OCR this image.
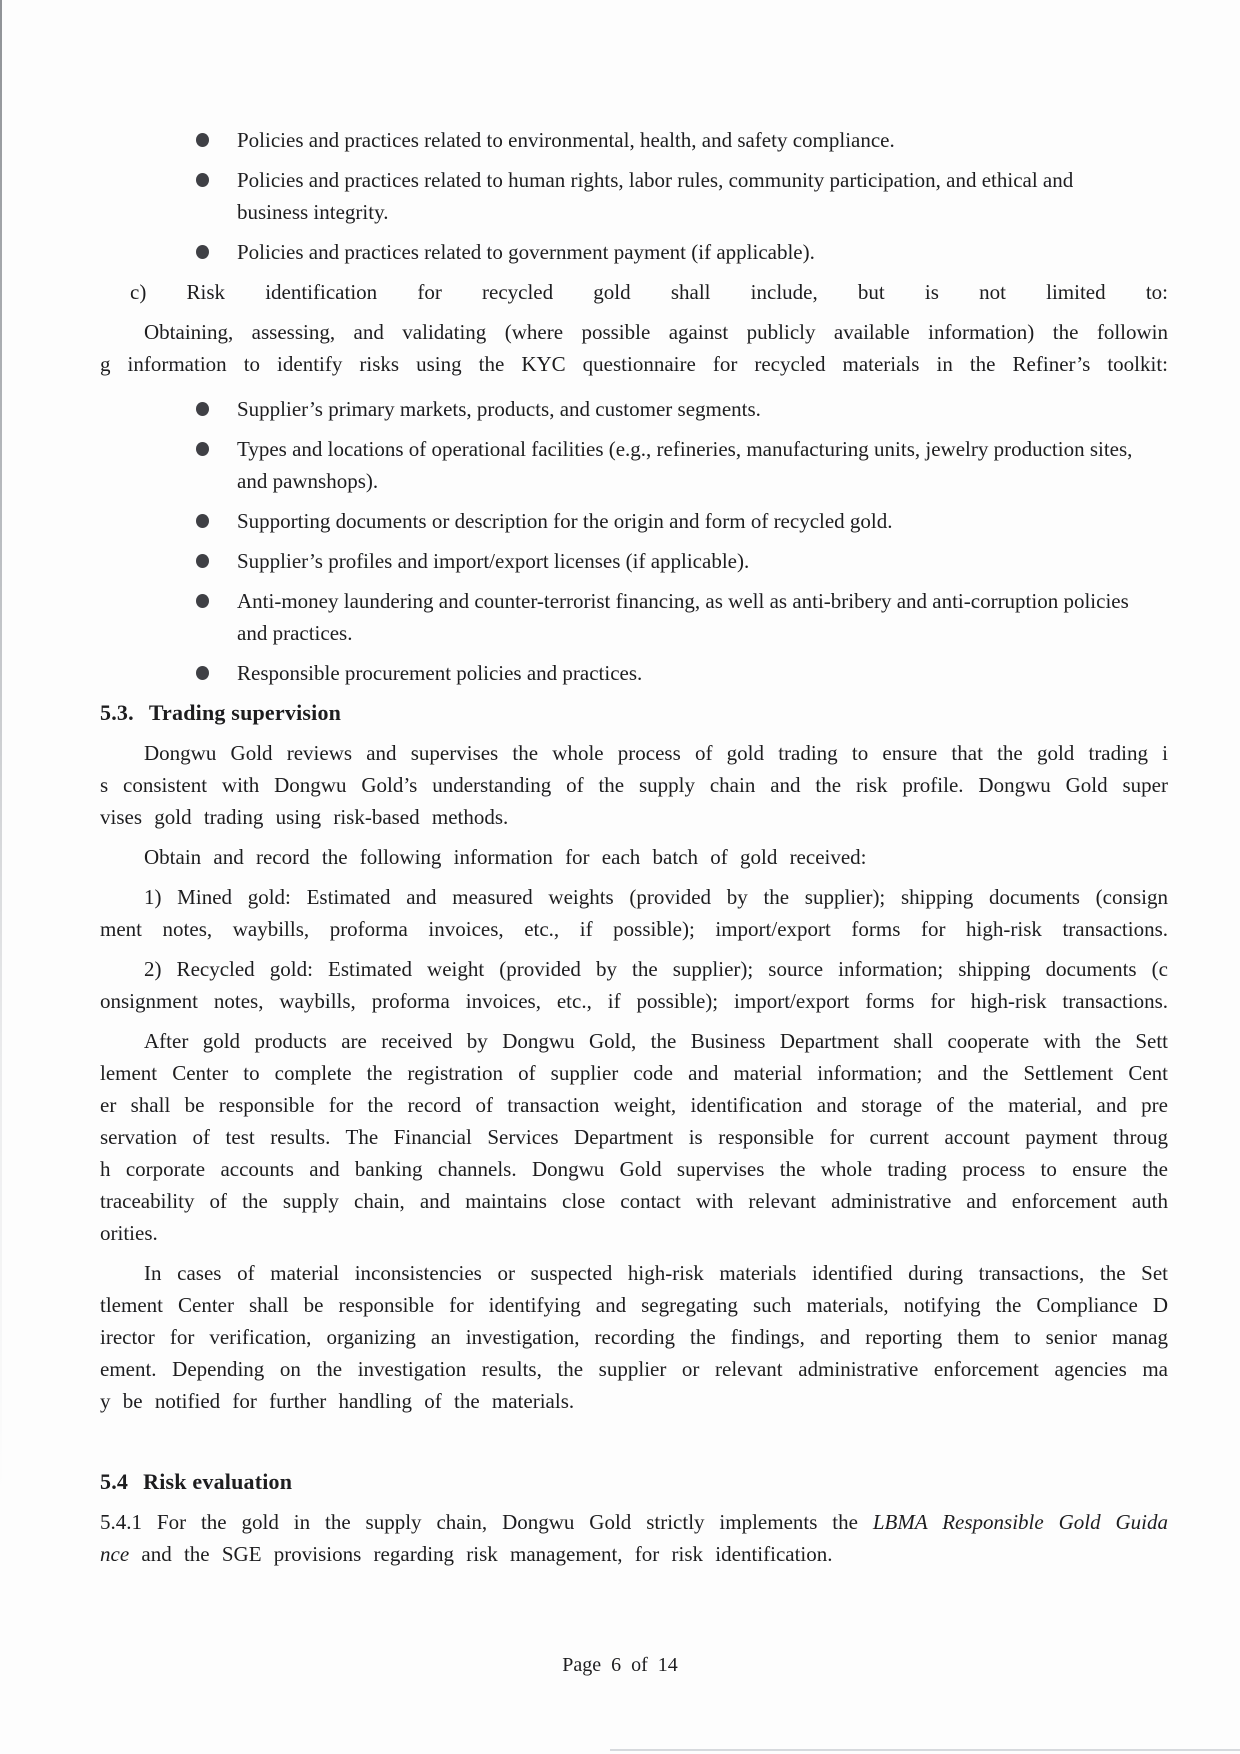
Policies and practices related to environmental, health, and safety compliance.
Policies and practices related to human rights, labor rules, community participation, and ethical and
business integrity.
Policies and practices related to government payment (if applicable).
c) Risk identification for recycled gold shall include, but is not limited to:
Obtaining, assessing, and validating (where possible against publicly available information) the followin
g information to identify risks using the KYC questionnaire for recycled materials in the Refiner’s toolkit:
Supplier’s primary markets, products, and customer segments.
Types and locations of operational facilities (e.g., refineries, manufacturing units, jewelry production sites,
and pawnshops).
Supporting documents or description for the origin and form of recycled gold.
Supplier’s profiles and import/export licenses (if applicable).
Anti-money laundering and counter-terrorist financing, as well as anti-bribery and anti-corruption policies
and practices.
Responsible procurement policies and practices.
5.3. Trading supervision
Dongwu Gold reviews and supervises the whole process of gold trading to ensure that the gold trading i
s consistent with Dongwu Gold’s understanding of the supply chain and the risk profile. Dongwu Gold super
vises gold trading using risk-based methods.
Obtain and record the following information for each batch of gold received:
1) Mined gold: Estimated and measured weights (provided by the supplier); shipping documents (consign
ment notes, waybills, proforma invoices, etc., if possible); import/export forms for high-risk transactions.
2) Recycled gold: Estimated weight (provided by the supplier); source information; shipping documents (c
onsignment notes, waybills, proforma invoices, etc., if possible); import/export forms for high-risk transactions.
After gold products are received by Dongwu Gold, the Business Department shall cooperate with the Sett
lement Center to complete the registration of supplier code and material information; and the Settlement Cent
er shall be responsible for the record of transaction weight, identification and storage of the material, and pre
servation of test results. The Financial Services Department is responsible for current account payment throug
h corporate accounts and banking channels. Dongwu Gold supervises the whole trading process to ensure the
traceability of the supply chain, and maintains close contact with relevant administrative and enforcement auth
orities.
In cases of material inconsistencies or suspected high-risk materials identified during transactions, the Set
tlement Center shall be responsible for identifying and segregating such materials, notifying the Compliance D
irector for verification, organizing an investigation, recording the findings, and reporting them to senior manag
ement. Depending on the investigation results, the supplier or relevant administrative enforcement agencies ma
y be notified for further handling of the materials.
5.4 Risk evaluation
5.4.1 For the gold in the supply chain, Dongwu Gold strictly implements the LBMA Responsible Gold Guida
nce and the SGE provisions regarding risk management, for risk identification.
Page 6 of 14
